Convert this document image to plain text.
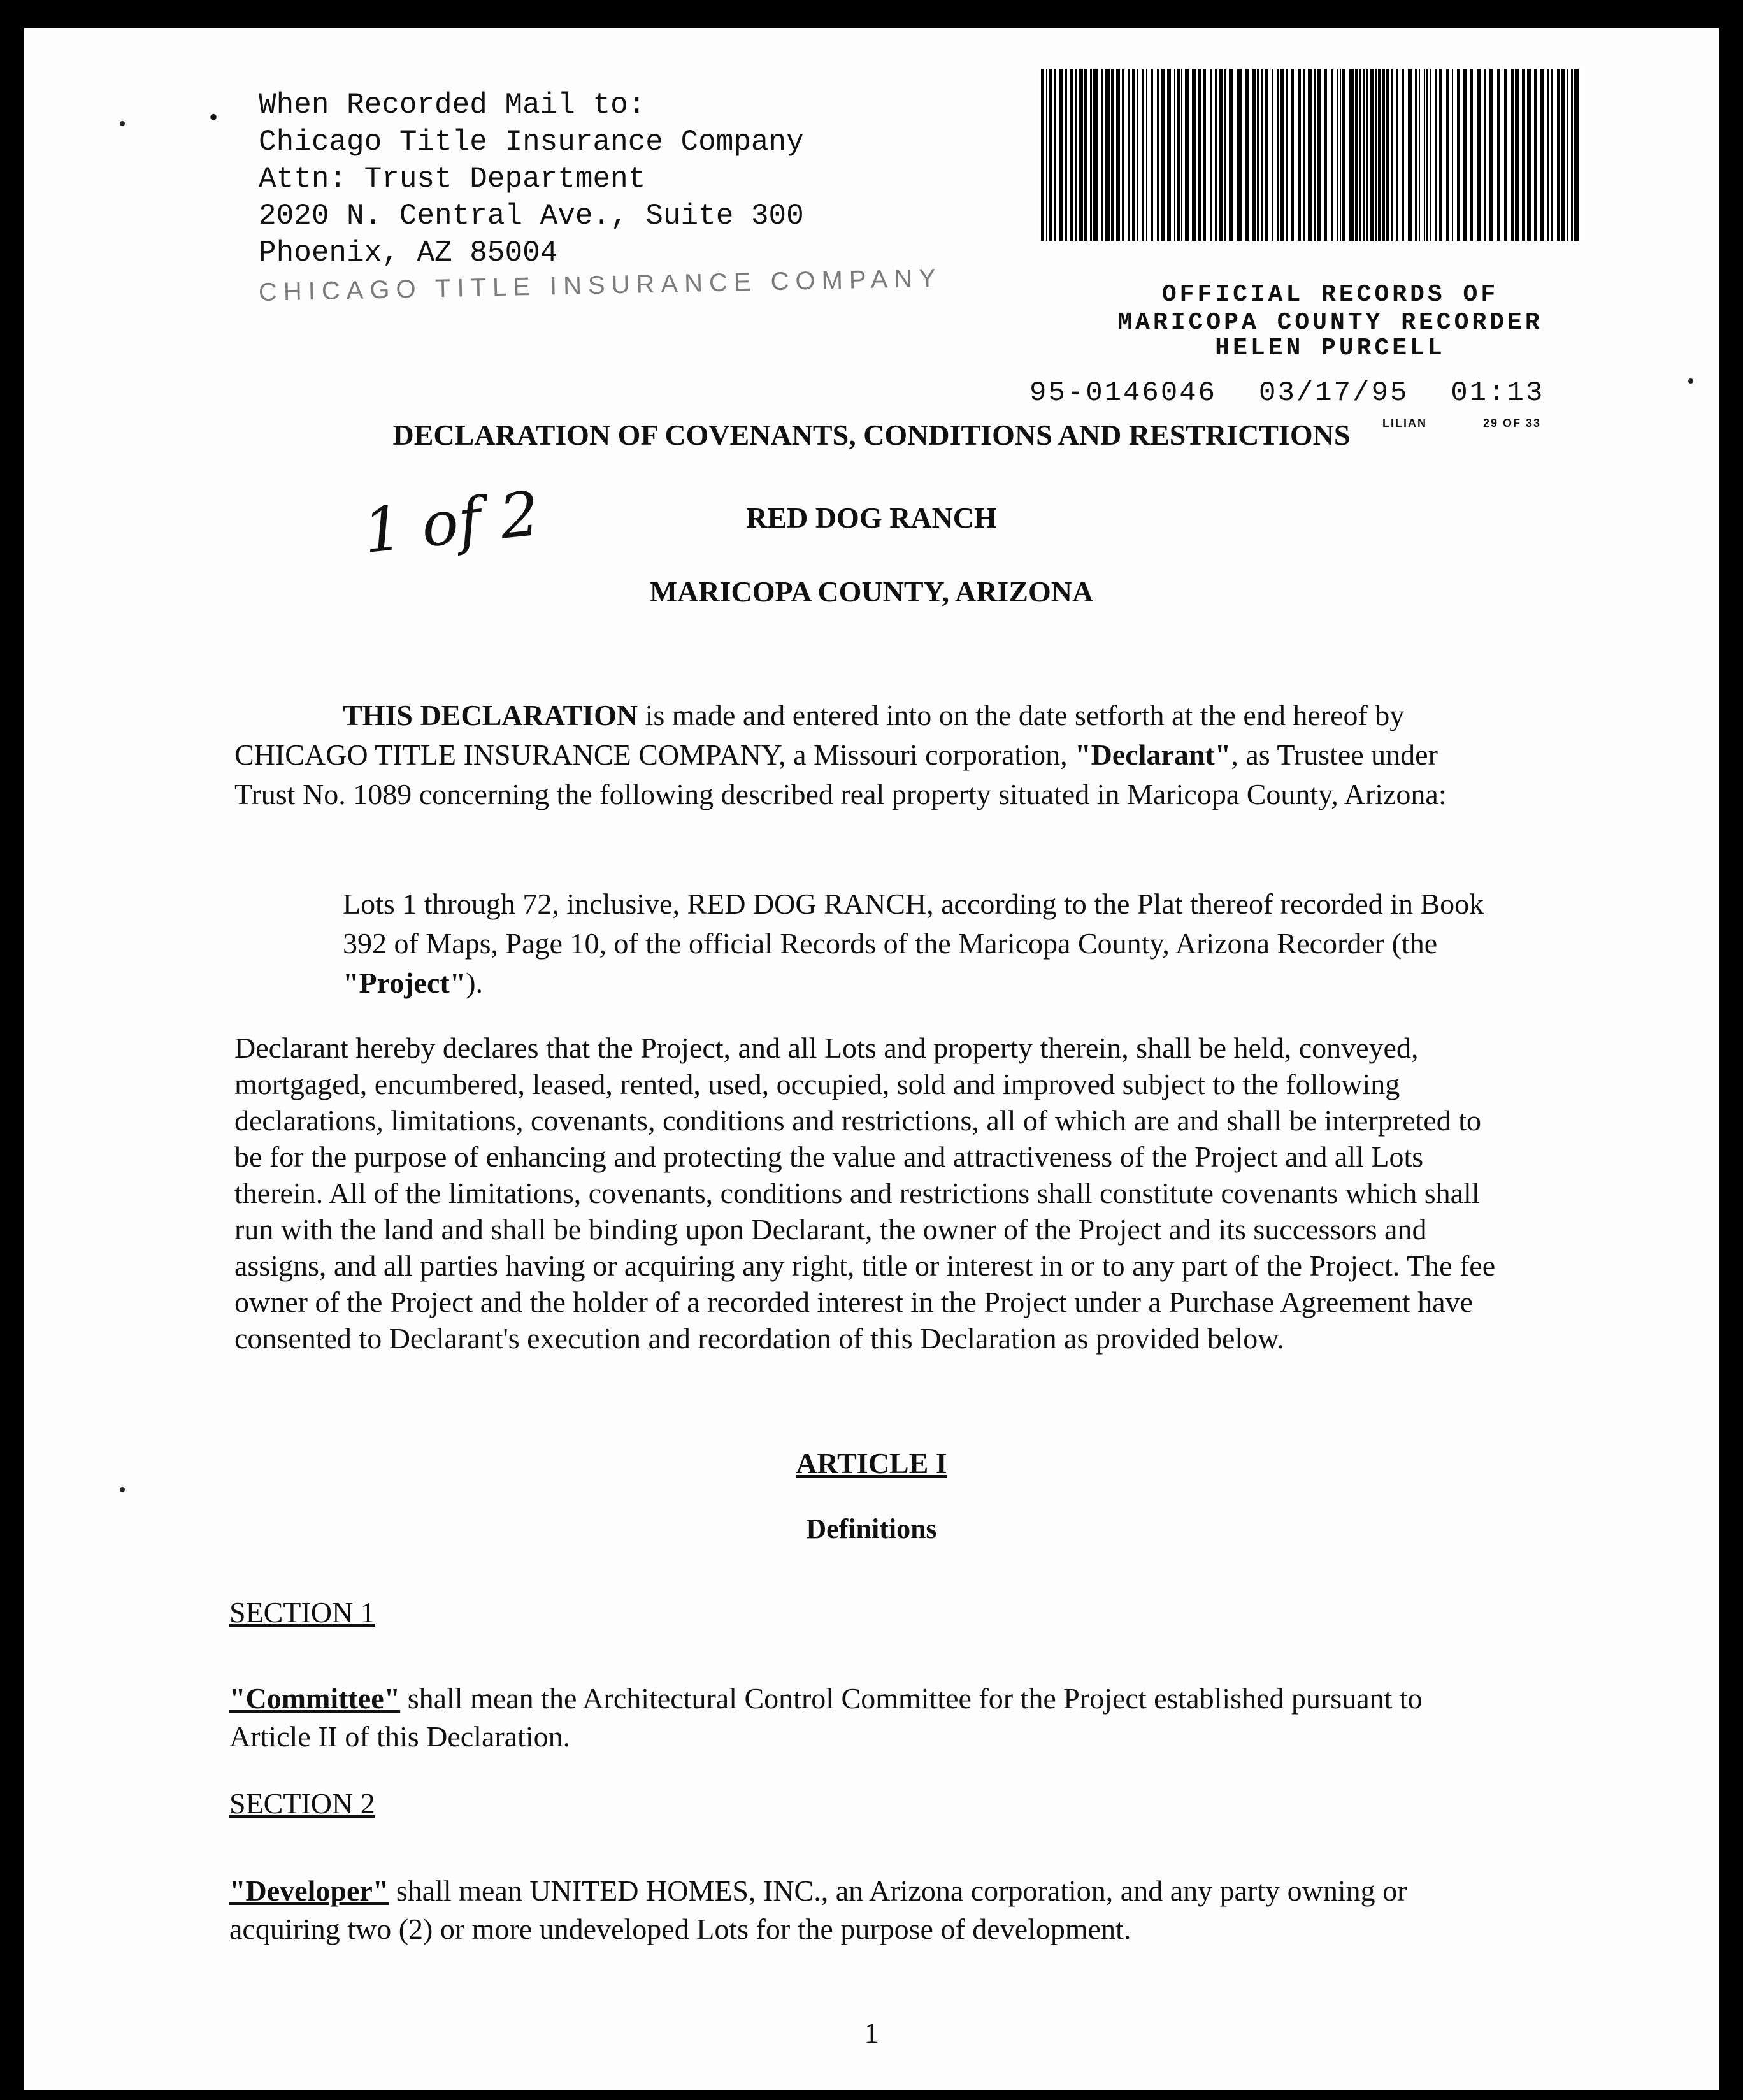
• When Recorded Mail to:
Chicago Title Insurance Company
Attn: Trust Department
2020 N. Central Ave., Suite 300
Phoenix, AZ 85004
CHICAGO TITLE INSURANCE COMPANY	OFFICIAL RECORDS OF
MARICOPA COUNTY RECORDER
HELEN PURCELL
95-0146046 03/17/95 01:13
LILIAN	29 OF 33
DECLARATION OF COVENANTS, CONDITIONS AND RESTRICTIONS
1 of 2	RED DOG RANCH
MARICOPA COUNTY, ARIZONA
THIS DECLARATION is made and entered into on the date setforth at the end hereof by CHICAGO TITLE INSURANCE COMPANY, a Missouri corporation, "Declarant", as Trustee under Trust No. 1089 concerning the following described real property situated in Maricopa County, Arizona:
Lots 1 through 72, inclusive, RED DOG RANCH, according to the Plat thereof recorded in Book 392 of Maps, Page 10, of the official Records of the Maricopa County, Arizona Recorder (the "Project").
Declarant hereby declares that the Project, and all Lots and property therein, shall be held, conveyed, mortgaged, encumbered, leased, rented, used, occupied, sold and improved subject to the following declarations, limitations, covenants, conditions and restrictions, all of which are and shall be interpreted to be for the purpose of enhancing and protecting the value and attractiveness of the Project and all Lots therein. All of the limitations, covenants, conditions and restrictions shall constitute covenants which shall run with the land and shall be binding upon Declarant, the owner of the Project and its successors and assigns, and all parties having or acquiring any right, title or interest in or to any part of the Project. The fee owner of the Project and the holder of a recorded interest in the Project under a Purchase Agreement have consented to Declarant's execution and recordation of this Declaration as provided below.
ARTICLE I
Definitions
SECTION 1
"Committee" shall mean the Architectural Control Committee for the Project established pursuant to Article II of this Declaration.
SECTION 2
"Developer" shall mean UNITED HOMES, INC., an Arizona corporation, and any party owning or acquiring two (2) or more undeveloped Lots for the purpose of development.
1
